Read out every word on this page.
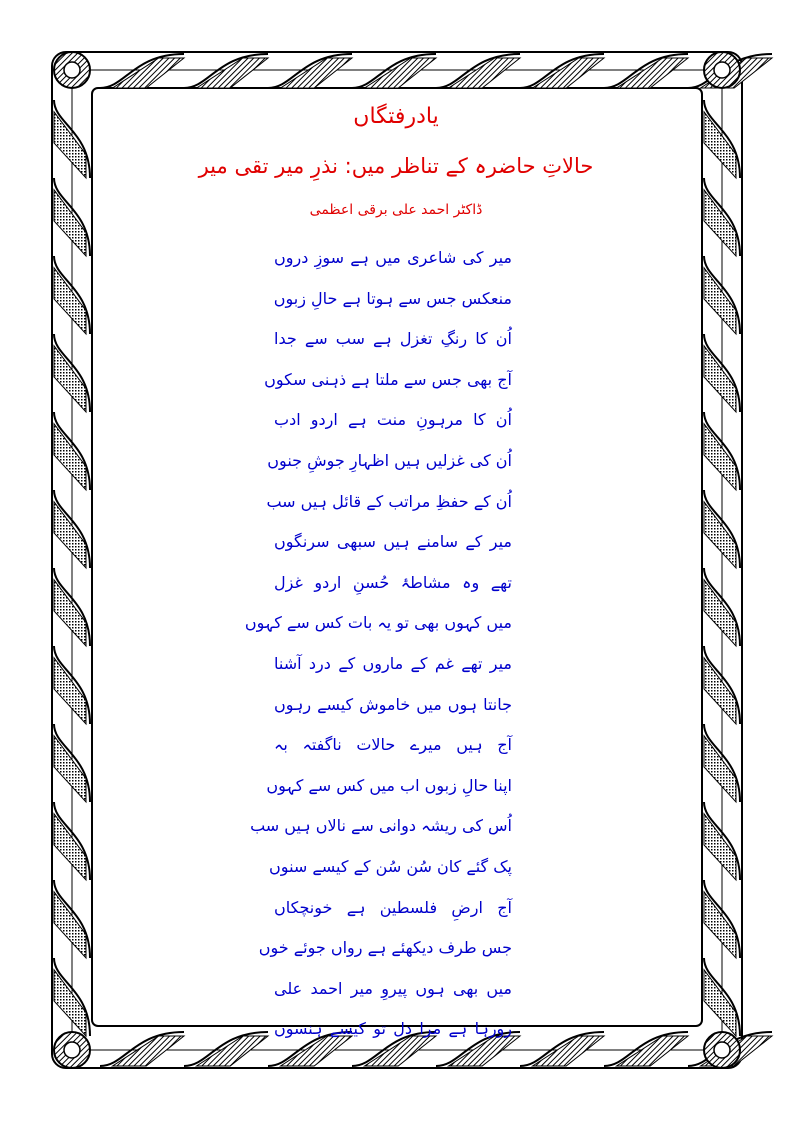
یادرفتگاں
حالاتِ حاضرہ کے تناظر میں: نذرِ میر تقی میر
ڈاکٹر احمد علی برقی اعظمی
میر کی شاعری میں ہے سوزِ دروں
منعکس جس سے ہوتا ہے حالِ زبوں
اُن کا رنگِ تغزل ہے سب سے جدا
آج بھی جس سے ملتا ہے ذہنی سکوں
اُن کا مرہونِ منت ہے اردو ادب
اُن کی غزلیں ہیں اظہارِ جوشِ جنوں
اُن کے حفظِ مراتب کے قائل ہیں سب
میر کے سامنے ہیں سبھی سرنگوں
تھے وہ مشاطۂ حُسنِ اردو غزل
میں کہوں بھی تو یہ بات کس سے کہوں
میر تھے غم کے ماروں کے درد آشنا
جانتا ہوں میں خاموش کیسے رہوں
آج ہیں میرے حالات ناگفتہ بہ
اپنا حالِ زبوں اب میں کس سے کہوں
اُس کی ریشہ دوانی سے نالاں ہیں سب
پک گئے کان سُن سُن کے کیسے سنوں
آج ارضِ فلسطین ہے خونچکاں
جس طرف دیکھئے ہے رواں جوئے خوں
میں بھی ہوں پیروِ میر احمد علی
رورہا ہے مرا دل تو کیسے ہنسوں
